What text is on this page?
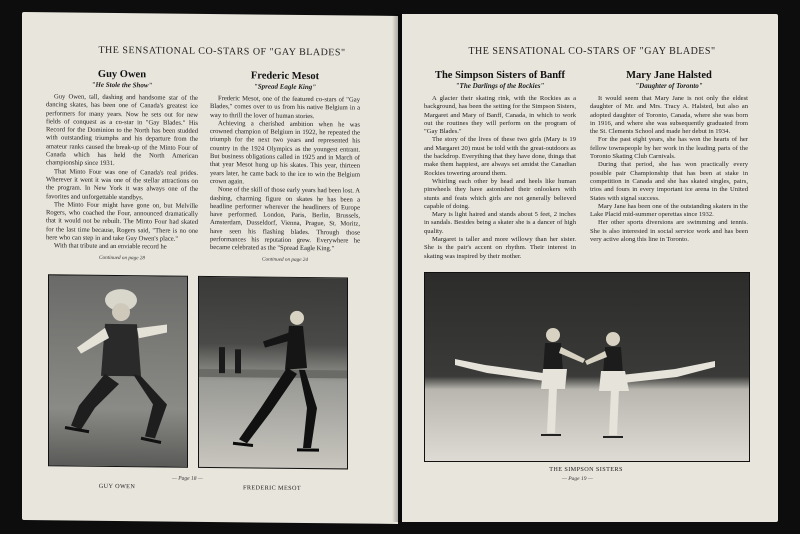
THE SENSATIONAL CO-STARS OF "GAY BLADES"
Guy Owen
"He Stole the Show"

Guy Owen, tall, dashing and handsome star of the dancing skates, has been one of Canada's greatest ice performers for many years. Now he sets out for new fields of conquest as a co-star in "Gay Blades." His Record for the Dominion to the North has been studded with outstanding triumphs and his departure from the amateur ranks caused the break-up of the Minto Four of Canada which has held the North American championship since 1931.

That Minto Four was one of Canada's real prides. Wherever it went it was one of the stellar attractions on the program. In New York it was always one of the favorites and unforgettable standbys.

The Minto Four might have gone on, but Melville Rogers, who coached the Four, announced dramatically that it would not be rebuilt. The Minto Four had skated for the last time because, Rogers said, "There is no one here who can step in and take Guy Owen's place."

With that tribute and an enviable record he

Continued on page 28
Frederic Mesot
"Spread Eagle King"

Frederic Mesot, one of the featured co-stars of "Gay Blades," comes over to us from his native Belgium in a way to thrill the lover of human stories.

Achieving a cherished ambition when he was crowned champion of Belgium in 1922, he repeated the triumph for the next two years and represented his country in the 1924 Olympics as the youngest entrant. But business obligations called in 1925 and in March of that year Mesot hung up his skates. This year, thirteen years later, he came back to the ice to win the Belgium crown again.

None of the skill of those early years had been lost. A dashing, charming figure on skates he has been a headline performer wherever the headliners of Europe have performed. London, Paris, Berlin, Brussels, Amsterdam, Dusseldorf, Vienna, Prague, St. Moritz, have seen his flashing blades. Through those performances his reputation grew. Everywhere he became celebrated as the "Spread Eagle King."

Continued on page 24
GUY OWEN	FREDERIC MESOT
— Page 18 —
THE SENSATIONAL CO-STARS OF "GAY BLADES"
The Simpson Sisters of Banff
"The Darlings of the Rockies"

A glacier their skating rink, with the Rockies as a background, has been the setting for the Simpson Sisters, Margaret and Mary of Banff, Canada, in which to work out the routines they will perform on the program of "Gay Blades."

The story of the lives of these two girls (Mary is 19 and Margaret 20) must be told with the great-outdoors as the backdrop. Everything that they have done, things that make them happiest, are always set amidst the Canadian Rockies towering around them.

Whirling each other by head and heels like human pinwheels they have astonished their onlookers with stunts and feats which girls are not generally believed capable of doing.

Mary is light haired and stands about 5 feet, 2 inches in sandals. Besides being a skater she is a dancer of high quality.

Margaret is taller and more willowy than her sister. She is the pair's accent on rhythm. Their interest in skating was inspired by their mother.

Mary Jane Halsted
"Daughter of Toronto"

It would seem that Mary Jane is not only the eldest daughter of Mr. and Mrs. Tracy A. Halsted, but also an adopted daughter of Toronto, Canada, where she was born in 1916, and where she was subsequently graduated from the St. Clements School and made her debut in 1934.

For the past eight years, she has won the hearts of her fellow townspeople by her work in the leading parts of the Toronto Skating Club Carnivals.

During that period, she has won practically every possible pair Championship that has been at stake in competition in Canada and she has skated singles, pairs, trios and fours in every important ice arena in the United States with signal success.

Mary Jane has been one of the outstanding skaters in the Lake Placid mid-summer operettas since 1932.

Her other sports diversions are swimming and tennis. She is also interested in social service work and has been very active along this line in Toronto.

THE SIMPSON SISTERS
— Page 19 —
